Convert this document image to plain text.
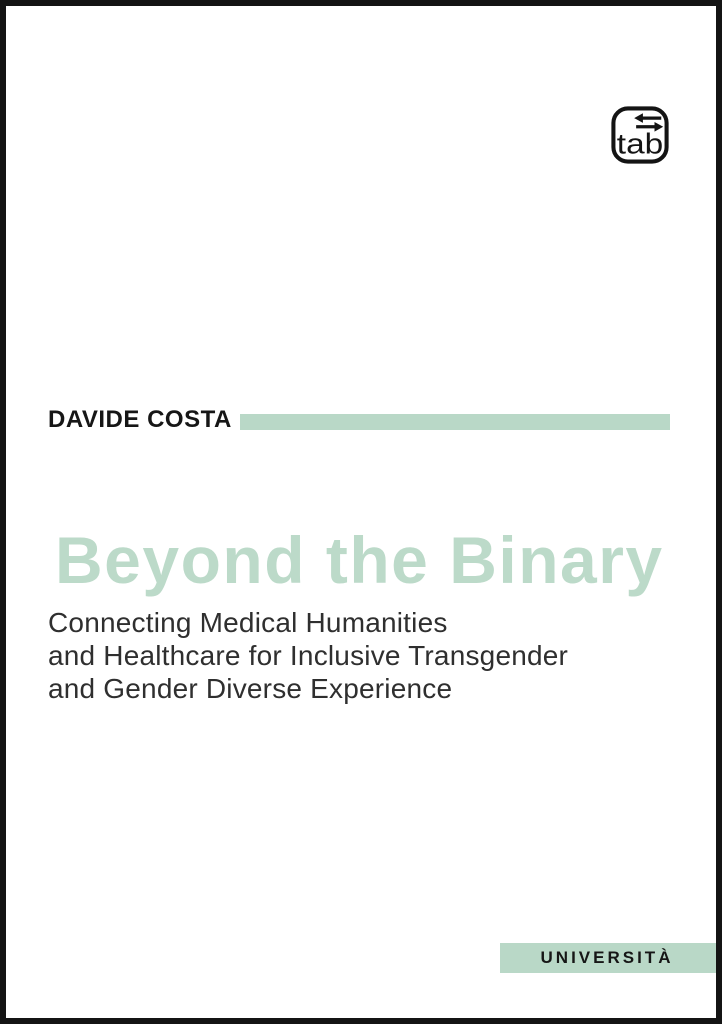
tab
DAVIDE COSTA
Beyond the Binary
Connecting Medical Humanities
and Healthcare for Inclusive Transgender
and Gender Diverse Experience
UNIVERSITÀ
